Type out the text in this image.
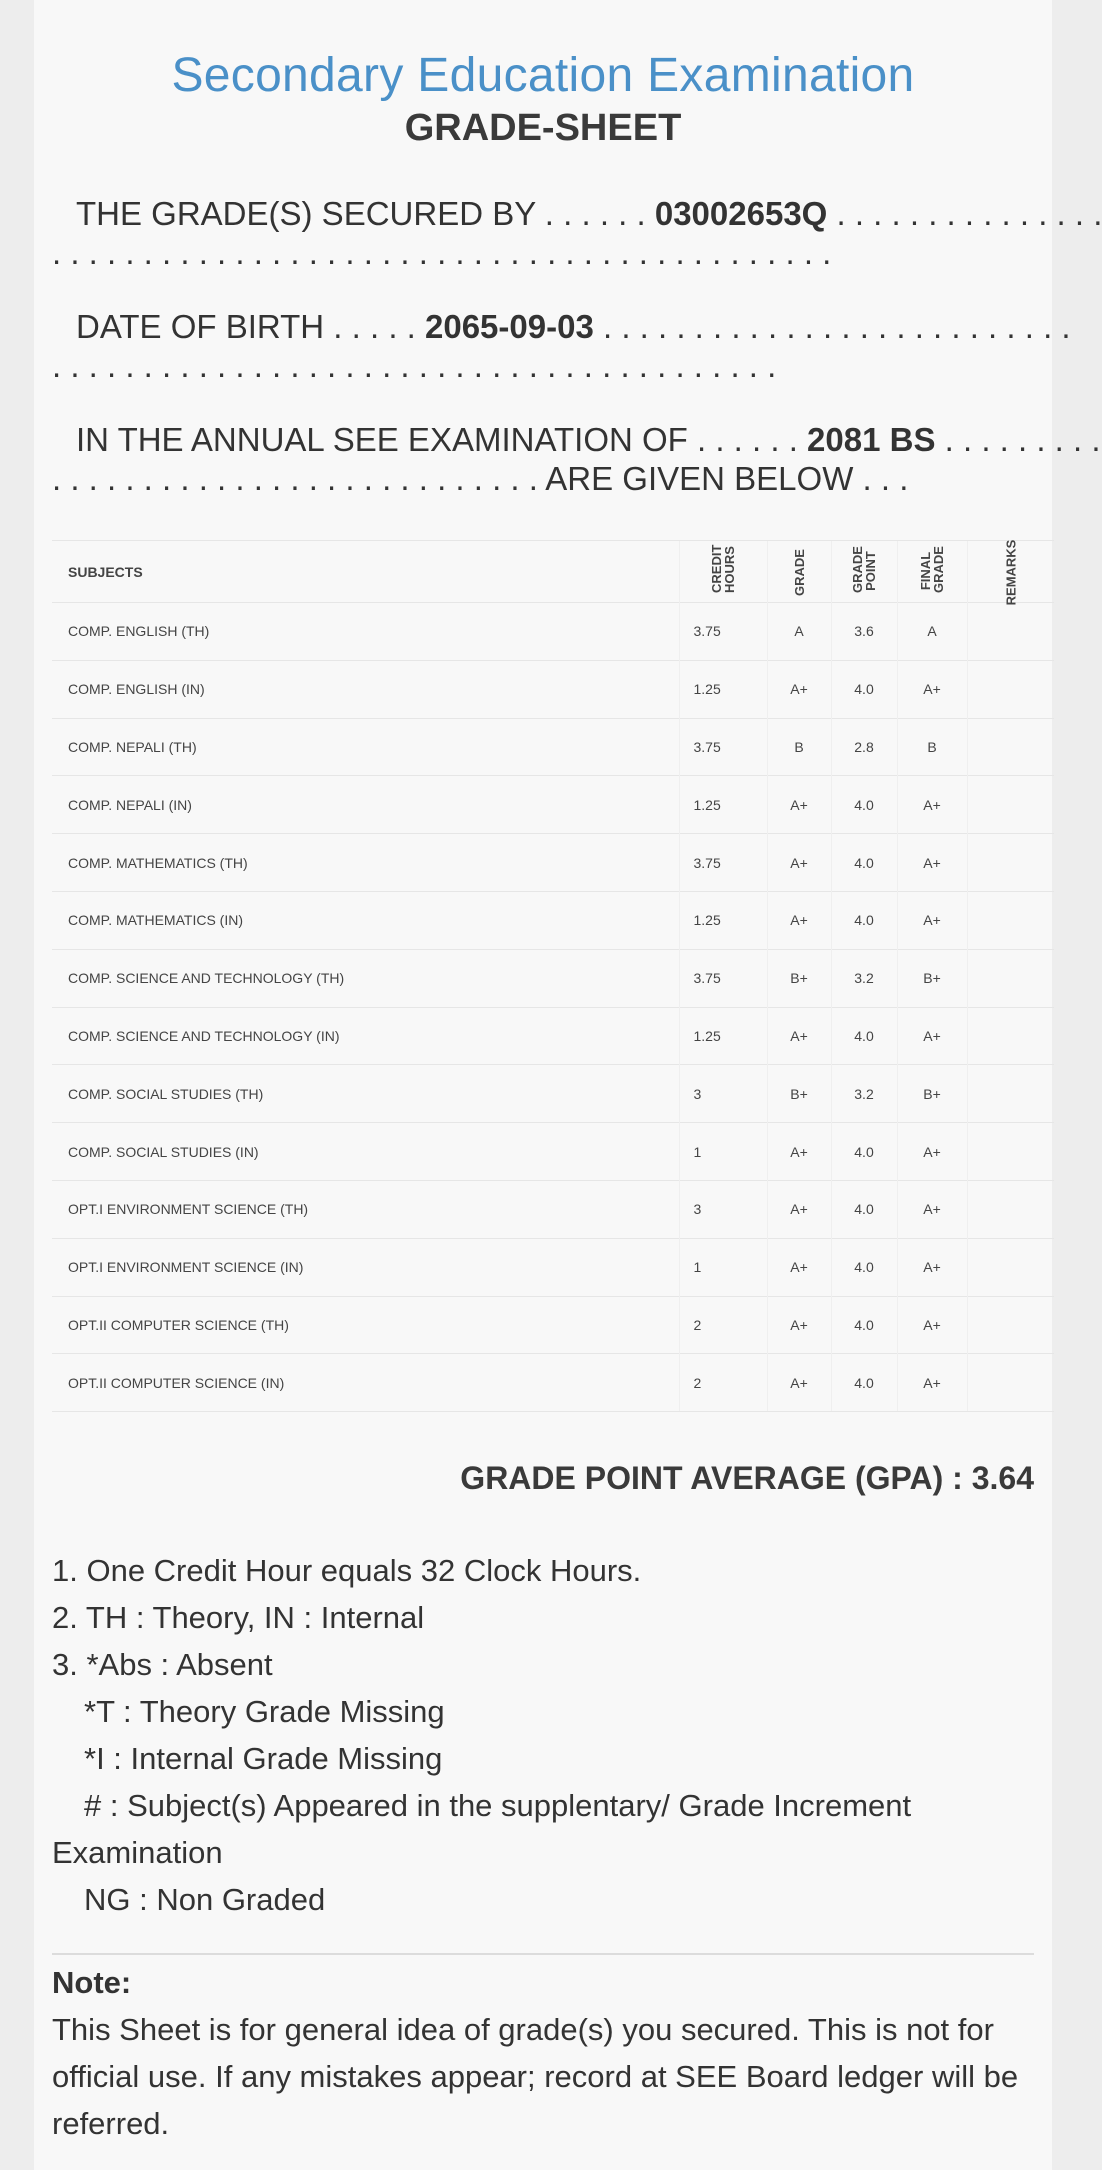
Secondary Education Examination
GRADE-SHEET
THE GRADE(S) SECURED BY . . . . . . 03002653Q . . . . . . . . . . . . . . .
. . . . . . . . . . . . . . . . . . . . . . . . . . . . . . . . . . . . . . . . . . .
DATE OF BIRTH . . . . . 2065-09-03 . . . . . . . . . . . . . . . . . . . . . . . . . .
. . . . . . . . . . . . . . . . . . . . . . . . . . . . . . . . . . . . . . . .
IN THE ANNUAL SEE EXAMINATION OF . . . . . . 2081 BS . . . . . . . . .
. . . . . . . . . . . . . . . . . . . . . . . . . . . ARE GIVEN BELOW . . .
SUBJECTS	CREDIT HOURS	GRADE	GRADE POINT	FINAL GRADE	REMARKS
COMP. ENGLISH (TH)	3.75	A	3.6	A	
COMP. ENGLISH (IN)	1.25	A+	4.0	A+	
COMP. NEPALI (TH)	3.75	B	2.8	B	
COMP. NEPALI (IN)	1.25	A+	4.0	A+	
COMP. MATHEMATICS (TH)	3.75	A+	4.0	A+	
COMP. MATHEMATICS (IN)	1.25	A+	4.0	A+	
COMP. SCIENCE AND TECHNOLOGY (TH)	3.75	B+	3.2	B+	
COMP. SCIENCE AND TECHNOLOGY (IN)	1.25	A+	4.0	A+	
COMP. SOCIAL STUDIES (TH)	3	B+	3.2	B+	
COMP. SOCIAL STUDIES (IN)	1	A+	4.0	A+	
OPT.I ENVIRONMENT SCIENCE (TH)	3	A+	4.0	A+	
OPT.I ENVIRONMENT SCIENCE (IN)	1	A+	4.0	A+	
OPT.II COMPUTER SCIENCE (TH)	2	A+	4.0	A+	
OPT.II COMPUTER SCIENCE (IN)	2	A+	4.0	A+	
GRADE POINT AVERAGE (GPA) : 3.64
1. One Credit Hour equals 32 Clock Hours.
2. TH : Theory, IN : Internal
3. *Abs : Absent
*T : Theory Grade Missing
*I : Internal Grade Missing
# : Subject(s) Appeared in the supplentary/ Grade Increment
Examination
NG : Non Graded
Note:
This Sheet is for general idea of grade(s) you secured. This is not for official use. If any mistakes appear; record at SEE Board ledger will be referred.
